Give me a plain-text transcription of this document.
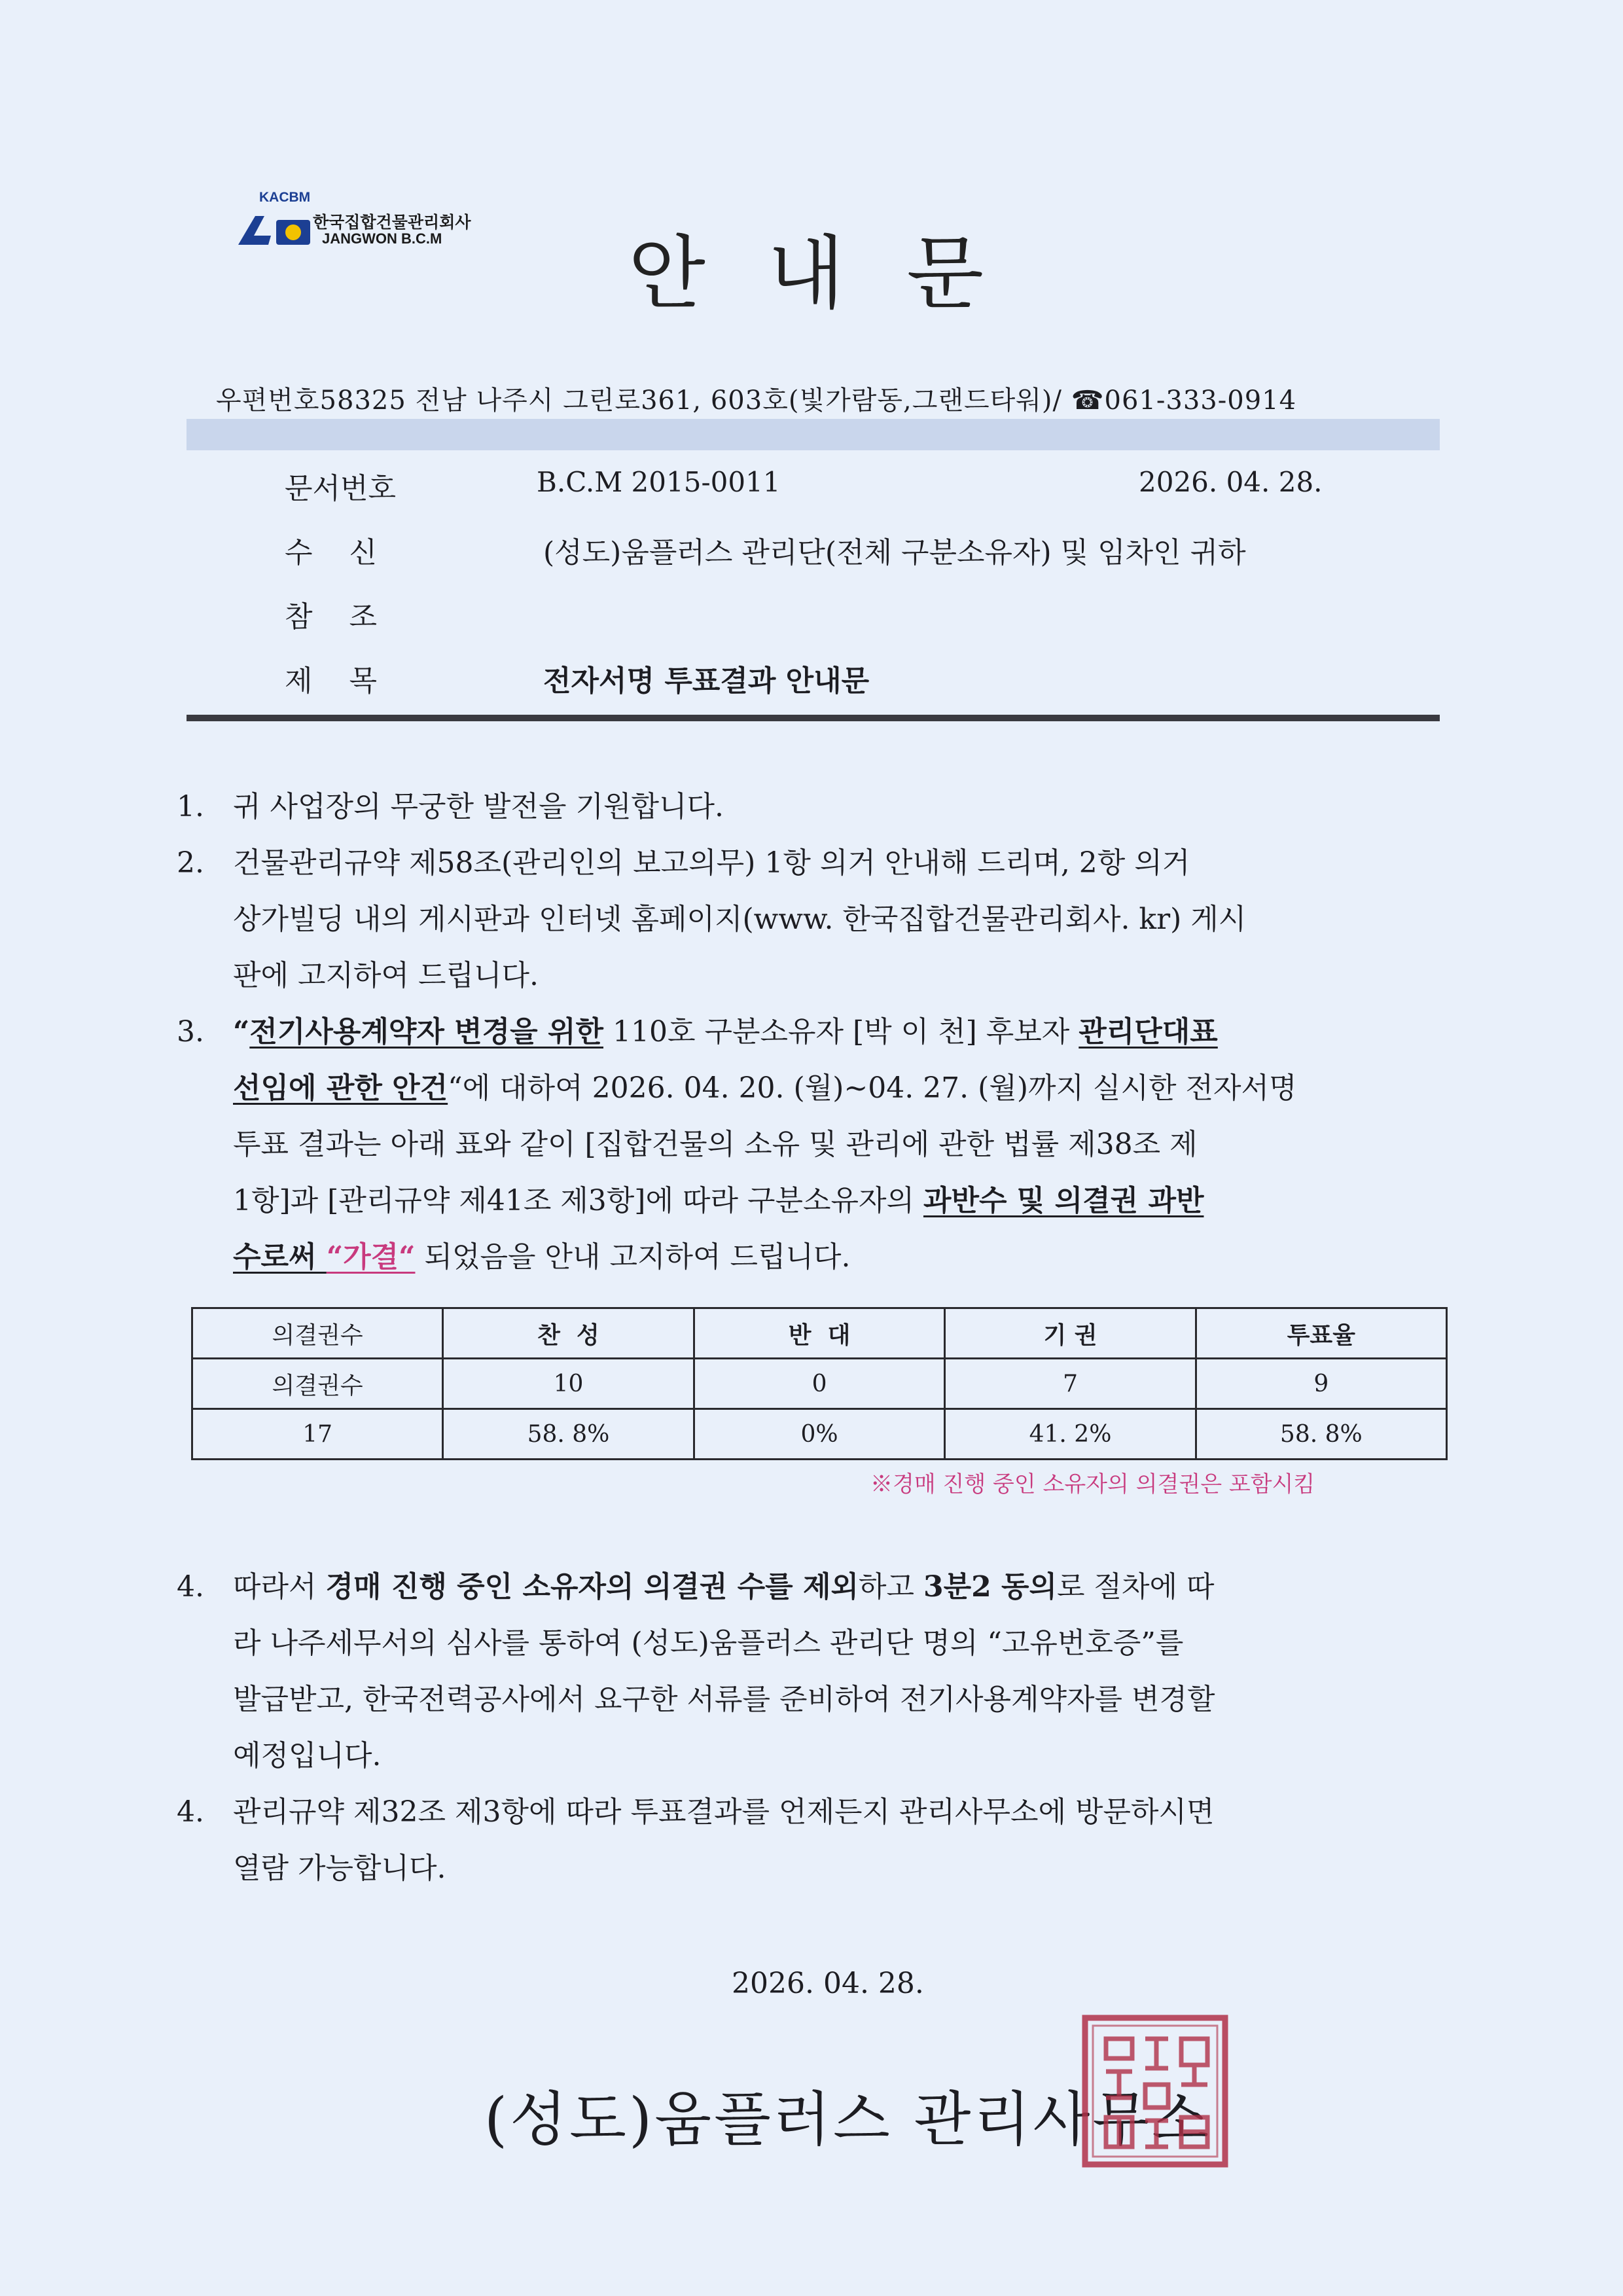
KACBM
한국집합건물관리회사
JANGWON B.C.M 안 내 문
우편번호58325 전남 나주시 그린로361, 603호(빛가람동,그랜드타워)/ ☎061-333-0914
문서번호	B.C.M 2015-0011	2026. 04. 28.
수    신	(성도)움플러스 관리단(전체 구분소유자) 및 임차인 귀하
참    조
제    목	전자서명 투표결과 안내문
1. 귀 사업장의 무궁한 발전을 기원합니다.
2. 건물관리규약 제58조(관리인의 보고의무) 1항 의거 안내해 드리며, 2항 의거
상가빌딩 내의 게시판과 인터넷 홈페이지(www. 한국집합건물관리회사. kr) 게시
판에 고지하여 드립니다.
3. “전기사용계약자 변경을 위한 110호 구분소유자 [박 이 천] 후보자 관리단대표
선임에 관한 안건“에 대하여 2026. 04. 20. (월)~04. 27. (월)까지 실시한 전자서명
투표 결과는 아래 표와 같이 [집합건물의 소유 및 관리에 관한 법률 제38조 제
1항]과 [관리규약 제41조 제3항]에 따라 구분소유자의 과반수 및 의결권 과반
수로써 “가결“ 되었음을 안내 고지하여 드립니다.
의결권수	찬  성	반  대	기 권	투표율
의결권수	10	0	7	9
17	58. 8%	0%	41. 2%	58. 8%
※경매 진행 중인 소유자의 의결권은 포함시킴
4. 따라서 경매 진행 중인 소유자의 의결권 수를 제외하고 3분2 동의로 절차에 따
라 나주세무서의 심사를 통하여 (성도)움플러스 관리단 명의 “고유번호증”를
발급받고, 한국전력공사에서 요구한 서류를 준비하여 전기사용계약자를 변경할
예정입니다.
4. 관리규약 제32조 제3항에 따라 투표결과를 언제든지 관리사무소에 방문하시면
열람 가능합니다.
2026. 04. 28.
(성도)움플러스 관리사무소
